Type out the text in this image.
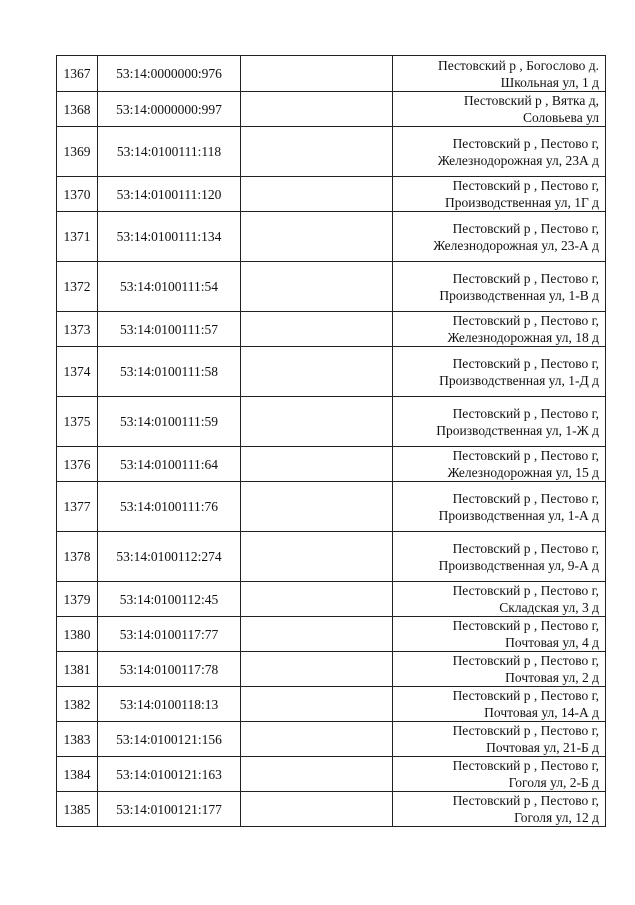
1367	53:14:0000000:976		Пестовский р , Богослово д.
Школьная ул, 1 д

1368	53:14:0000000:997		Пестовский р , Вятка д,
Соловьева ул

1369	53:14:0100111:118		Пестовский р , Пестово г,
Железнодорожная ул, 23А д

1370	53:14:0100111:120		Пестовский р , Пестово г,
Производственная ул, 1Г д

1371	53:14:0100111:134		Пестовский р , Пестово г,
Железнодорожная ул, 23-А д

1372	53:14:0100111:54		Пестовский р , Пестово г,
Производственная ул, 1-В д

1373	53:14:0100111:57		Пестовский р , Пестово г,
Железнодорожная ул, 18 д

1374	53:14:0100111:58		Пестовский р , Пестово г,
Производственная ул, 1-Д д

1375	53:14:0100111:59		Пестовский р , Пестово г,
Производственная ул, 1-Ж д

1376	53:14:0100111:64		Пестовский р , Пестово г,
Железнодорожная ул, 15 д

1377	53:14:0100111:76		Пестовский р , Пестово г,
Производственная ул, 1-А д

1378	53:14:0100112:274		Пестовский р , Пестово г,
Производственная ул, 9-А д

1379	53:14:0100112:45		Пестовский р , Пестово г,
Складская ул, 3 д

1380	53:14:0100117:77		Пестовский р , Пестово г,
Почтовая ул, 4 д

1381	53:14:0100117:78		Пестовский р , Пестово г,
Почтовая ул, 2 д

1382	53:14:0100118:13		Пестовский р , Пестово г,
Почтовая ул, 14-А д

1383	53:14:0100121:156		Пестовский р , Пестово г,
Почтовая ул, 21-Б д

1384	53:14:0100121:163		Пестовский р , Пестово г,
Гоголя ул, 2-Б д

1385	53:14:0100121:177		Пестовский р , Пестово г,
Гоголя ул, 12 д
